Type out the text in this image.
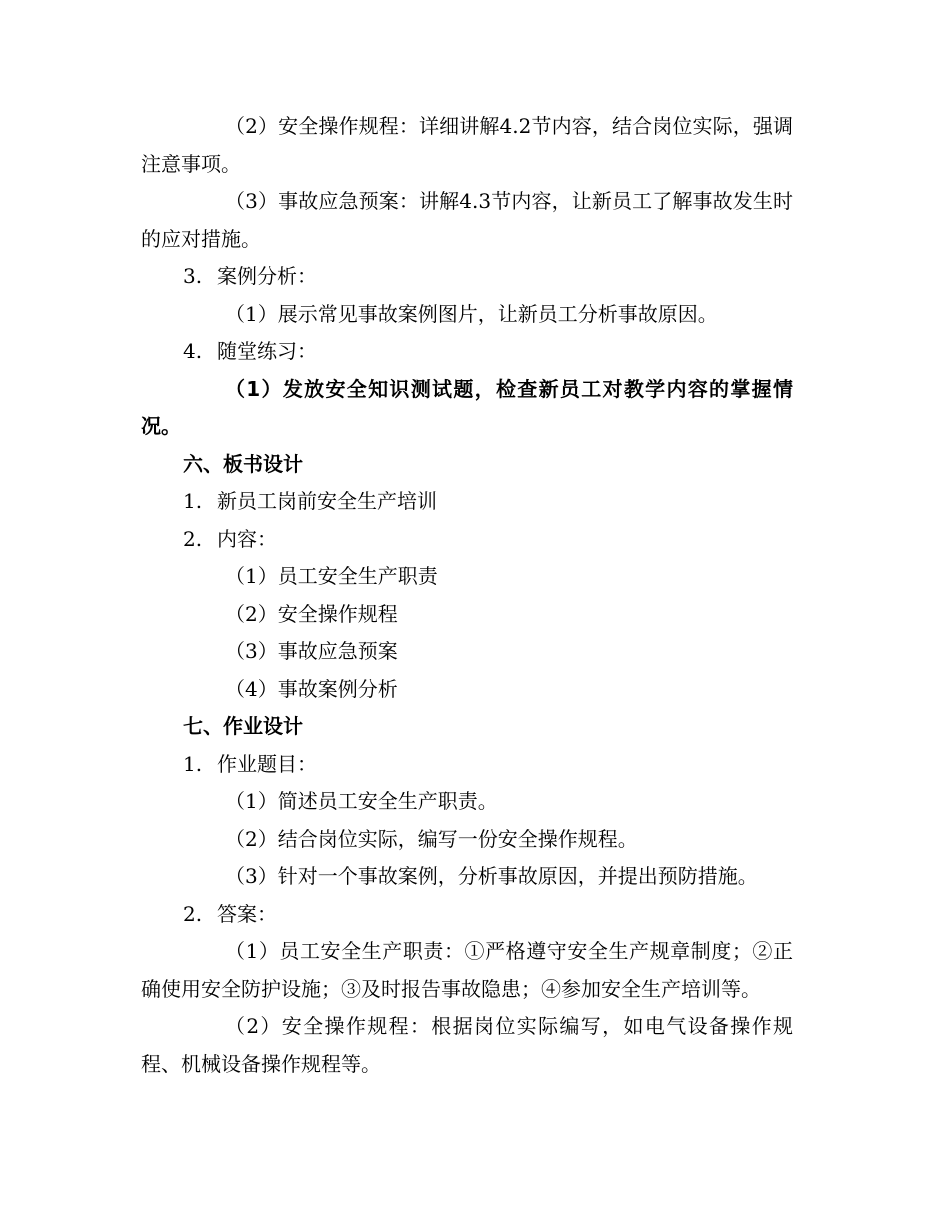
（2）安全操作规程：详细讲解4.2节内容，结合岗位实际，强调注意事项。

（3）事故应急预案：讲解4.3节内容，让新员工了解事故发生时的应对措施。

3. 案例分析：
（1）展示常见事故案例图片，让新员工分析事故原因。
4. 随堂练习：

（1）发放安全知识测试题，检查新员工对教学内容的掌握情况。

六、板书设计
1. 新员工岗前安全生产培训
2. 内容：
（1）员工安全生产职责
（2）安全操作规程
（3）事故应急预案
（4）事故案例分析
七、作业设计
1. 作业题目：
（1）简述员工安全生产职责。
（2）结合岗位实际，编写一份安全操作规程。
（3）针对一个事故案例，分析事故原因，并提出预防措施。
2. 答案：

（1）员工安全生产职责：①严格遵守安全生产规章制度；②正确使用安全防护设施；③及时报告事故隐患；④参加安全生产培训等。

（2）安全操作规程：根据岗位实际编写，如电气设备操作规程、机械设备操作规程等。
